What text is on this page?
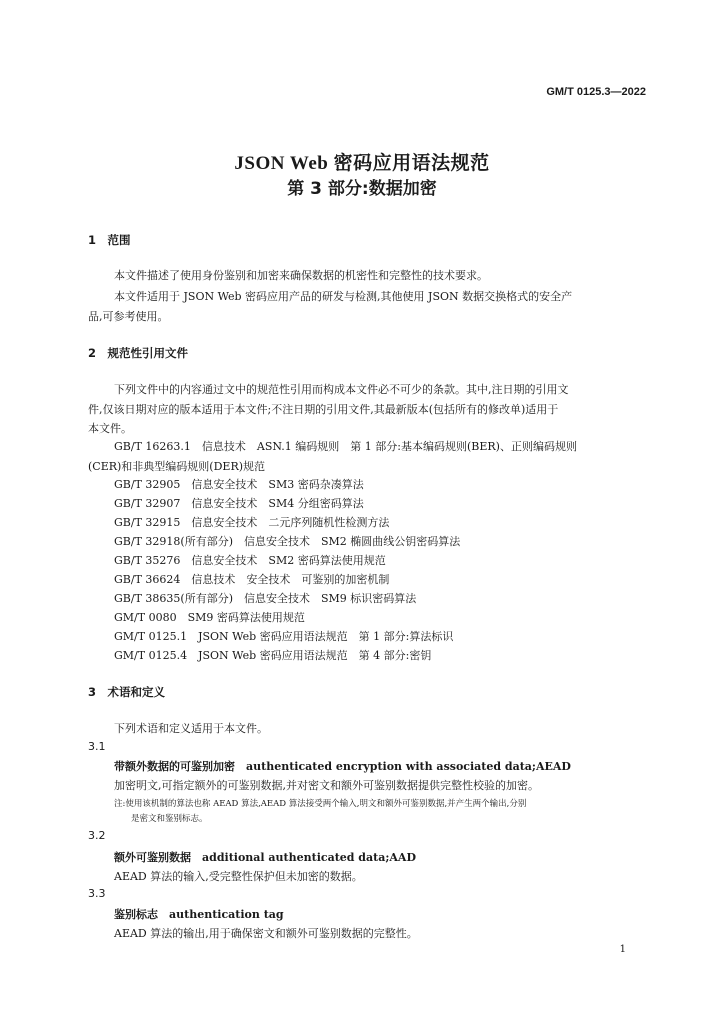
GM/T 0125.3—2022
JSON Web 密码应用语法规范
第 3 部分:数据加密
1　范围
本文件描述了使用身份鉴别和加密来确保数据的机密性和完整性的技术要求。
本文件适用于 JSON Web 密码应用产品的研发与检测,其他使用 JSON 数据交换格式的安全产
品,可参考使用。
2　规范性引用文件
下列文件中的内容通过文中的规范性引用而构成本文件必不可少的条款。其中,注日期的引用文
件,仅该日期对应的版本适用于本文件;不注日期的引用文件,其最新版本(包括所有的修改单)适用于
本文件。
GB/T 16263.1　信息技术　ASN.1 编码规则　第 1 部分:基本编码规则(BER)、正则编码规则
(CER)和非典型编码规则(DER)规范
GB/T 32905　信息安全技术　SM3 密码杂凑算法
GB/T 32907　信息安全技术　SM4 分组密码算法
GB/T 32915　信息安全技术　二元序列随机性检测方法
GB/T 32918(所有部分)　信息安全技术　SM2 椭圆曲线公钥密码算法
GB/T 35276　信息安全技术　SM2 密码算法使用规范
GB/T 36624　信息技术　安全技术　可鉴别的加密机制
GB/T 38635(所有部分)　信息安全技术　SM9 标识密码算法
GM/T 0080　SM9 密码算法使用规范
GM/T 0125.1　JSON Web 密码应用语法规范　第 1 部分:算法标识
GM/T 0125.4　JSON Web 密码应用语法规范　第 4 部分:密钥
3　术语和定义
下列术语和定义适用于本文件。
3.1
带额外数据的可鉴别加密　authenticated encryption with associated data;AEAD
加密明文,可指定额外的可鉴别数据,并对密文和额外可鉴别数据提供完整性校验的加密。
注:使用该机制的算法也称 AEAD 算法,AEAD 算法接受两个输入,明文和额外可鉴别数据,并产生两个输出,分别
是密文和鉴别标志。
3.2
额外可鉴别数据　additional authenticated data;AAD
AEAD 算法的输入,受完整性保护但未加密的数据。
3.3
鉴别标志　authentication tag
AEAD 算法的输出,用于确保密文和额外可鉴别数据的完整性。
1
